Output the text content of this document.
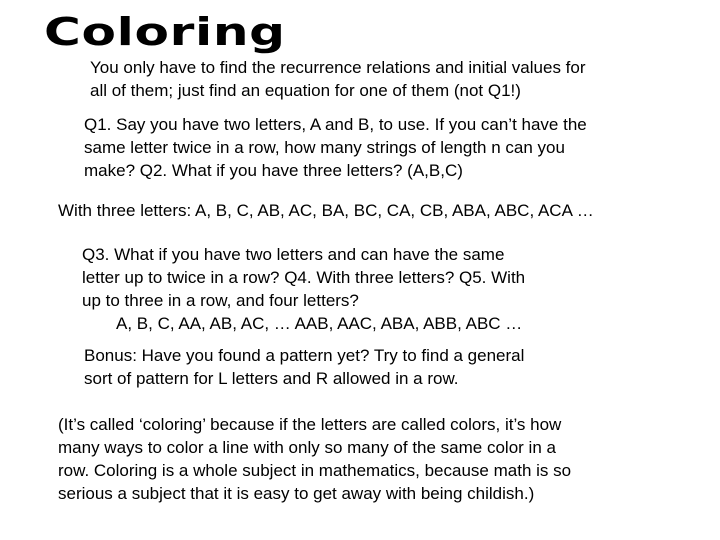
Coloring
You only have to find the recurrence relations and initial values for
all of them; just find an equation for one of them (not Q1!)
Q1. Say you have two letters, A and B, to use. If you can’t have the
same letter twice in a row, how many strings of length n can you
make? Q2. What if you have three letters? (A,B,C)
With three letters: A, B, C, AB, AC, BA, BC, CA, CB, ABA, ABC, ACA …
Q3. What if you have two letters and can have the same
letter up to twice in a row? Q4. With three letters? Q5. With
up to three in a row, and four letters?
A, B, C, AA, AB, AC, … AAB, AAC, ABA, ABB, ABC …
Bonus: Have you found a pattern yet? Try to find a general
sort of pattern for L letters and R allowed in a row.
(It’s called ‘coloring’ because if the letters are called colors, it’s how
many ways to color a line with only so many of the same color in a
row. Coloring is a whole subject in mathematics, because math is so
serious a subject that it is easy to get away with being childish.)
